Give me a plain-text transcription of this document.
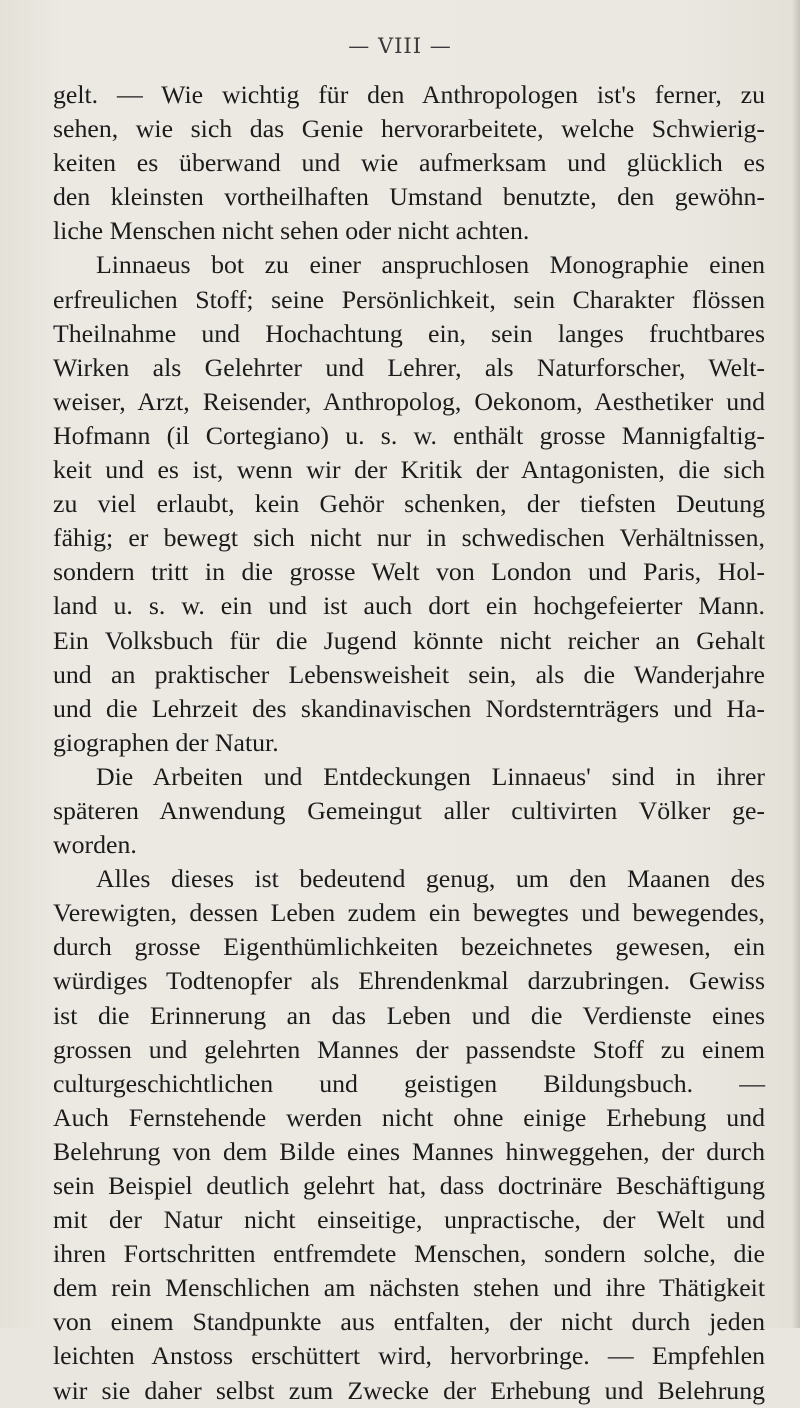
— VIII —
gelt. — Wie wichtig für den Anthropologen ist's ferner, zu
sehen, wie sich das Genie hervorarbeitete, welche Schwierig-
keiten es überwand und wie aufmerksam und glücklich es
den kleinsten vortheilhaften Umstand benutzte, den gewöhn-
liche Menschen nicht sehen oder nicht achten.
Linnaeus bot zu einer anspruchlosen Monographie einen
erfreulichen Stoff; seine Persönlichkeit, sein Charakter flössen
Theilnahme und Hochachtung ein, sein langes fruchtbares
Wirken als Gelehrter und Lehrer, als Naturforscher, Welt-
weiser, Arzt, Reisender, Anthropolog, Oekonom, Aesthetiker und
Hofmann (il Cortegiano) u. s. w. enthält grosse Mannigfaltig-
keit und es ist, wenn wir der Kritik der Antagonisten, die sich
zu viel erlaubt, kein Gehör schenken, der tiefsten Deutung
fähig; er bewegt sich nicht nur in schwedischen Verhältnissen,
sondern tritt in die grosse Welt von London und Paris, Hol-
land u. s. w. ein und ist auch dort ein hochgefeierter Mann.
Ein Volksbuch für die Jugend könnte nicht reicher an Gehalt
und an praktischer Lebensweisheit sein, als die Wanderjahre
und die Lehrzeit des skandinavischen Nordsternträgers und Ha-
giographen der Natur.
Die Arbeiten und Entdeckungen Linnaeus' sind in ihrer
späteren Anwendung Gemeingut aller cultivirten Völker ge-
worden.
Alles dieses ist bedeutend genug, um den Maanen des
Verewigten, dessen Leben zudem ein bewegtes und bewegendes,
durch grosse Eigenthümlichkeiten bezeichnetes gewesen, ein
würdiges Todtenopfer als Ehrendenkmal darzubringen. Gewiss
ist die Erinnerung an das Leben und die Verdienste eines
grossen und gelehrten Mannes der passendste Stoff zu einem
culturgeschichtlichen und geistigen Bildungsbuch. —
Auch Fernstehende werden nicht ohne einige Erhebung und
Belehrung von dem Bilde eines Mannes hinweggehen, der durch
sein Beispiel deutlich gelehrt hat, dass doctrinäre Beschäftigung
mit der Natur nicht einseitige, unpractische, der Welt und
ihren Fortschritten entfremdete Menschen, sondern solche, die
dem rein Menschlichen am nächsten stehen und ihre Thätigkeit
von einem Standpunkte aus entfalten, der nicht durch jeden
leichten Anstoss erschüttert wird, hervorbringe. — Empfehlen
wir sie daher selbst zum Zwecke der Erhebung und Belehrung
